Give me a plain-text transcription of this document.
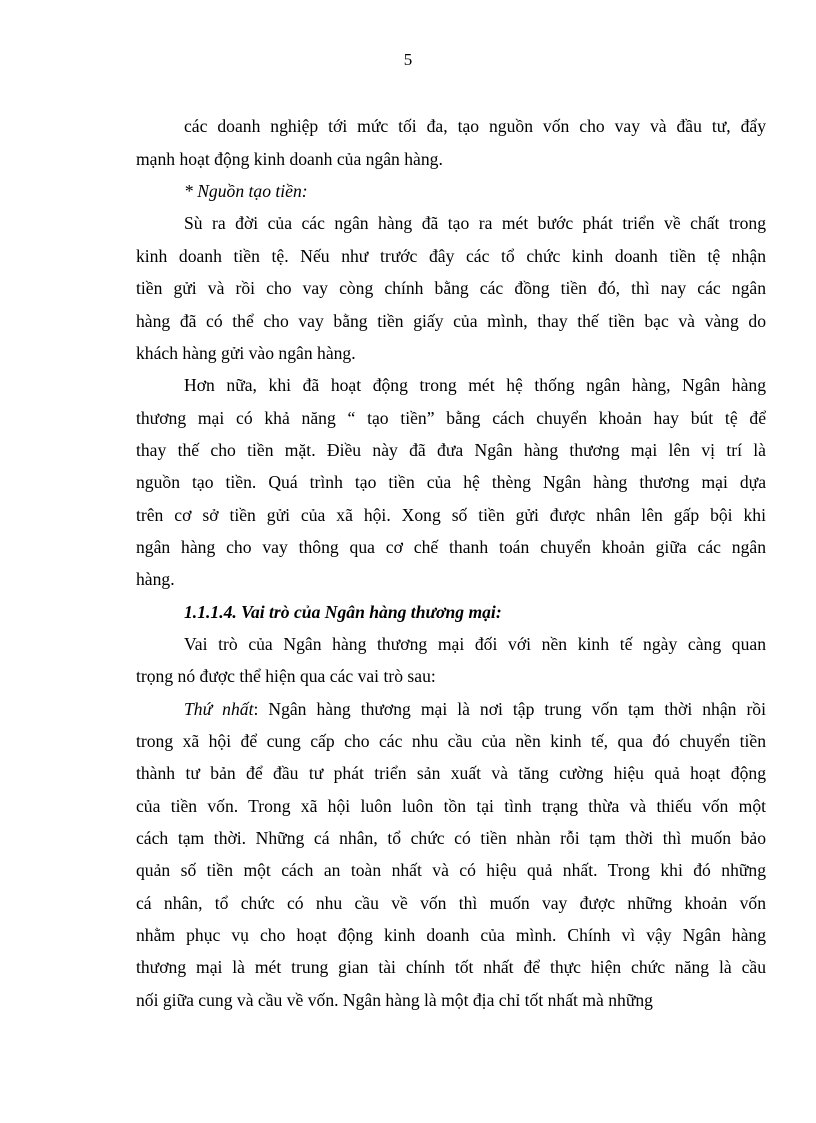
5
các doanh nghiệp tới mức tối đa, tạo nguồn vốn cho vay và đầu tư, đẩy
mạnh hoạt động kinh doanh của ngân hàng.
* Nguồn tạo tiền:
Sù ra đời của các ngân hàng đã tạo ra mét bước phát triển về chất trong
kinh doanh tiền tệ. Nếu như trước đây các tổ chức kinh doanh tiền tệ nhận
tiền gửi và rồi cho vay còng chính bằng các đồng tiền đó, thì nay các ngân
hàng đã có thể cho vay bằng tiền giấy của mình, thay thế tiền bạc và vàng do
khách hàng gửi vào ngân hàng.
Hơn nữa, khi đã hoạt động trong mét hệ thống ngân hàng, Ngân hàng
thương mại có khả năng “ tạo tiền” bằng cách chuyển khoản hay bút tệ để
thay thế cho tiền mặt. Điều này đã đưa Ngân hàng thương mại lên vị trí là
nguồn tạo tiền. Quá trình tạo tiền của hệ thèng Ngân hàng thương mại dựa
trên cơ sở tiền gửi của xã hội. Xong số tiền gửi được nhân lên gấp bội khi
ngân hàng cho vay thông qua cơ chế thanh toán chuyển khoản giữa các ngân
hàng.
1.1.1.4. Vai trò của Ngân hàng thương mại:
Vai trò của Ngân hàng thương mại đối với nền kinh tế ngày càng quan
trọng nó được thể hiện qua các vai trò sau:
Thứ nhất: Ngân hàng thương mại là nơi tập trung vốn tạm thời nhận rồi
trong xã hội để cung cấp cho các nhu cầu của nền kinh tế, qua đó chuyển tiền
thành tư bản để đầu tư phát triển sản xuất và tăng cường hiệu quả hoạt động
của tiền vốn. Trong xã hội luôn luôn tồn tại tình trạng thừa và thiếu vốn một
cách tạm thời. Những cá nhân, tổ chức có tiền nhàn rỗi tạm thời thì muốn bảo
quản số tiền một cách an toàn nhất và có hiệu quả nhất. Trong khi đó những
cá nhân, tổ chức có nhu cầu về vốn thì muốn vay được những khoản vốn
nhằm phục vụ cho hoạt động kinh doanh của mình. Chính vì vậy Ngân hàng
thương mại là mét trung gian tài chính tốt nhất để thực hiện chức năng là cầu
nối giữa cung và cầu về vốn. Ngân hàng là một địa chỉ tốt nhất mà những
